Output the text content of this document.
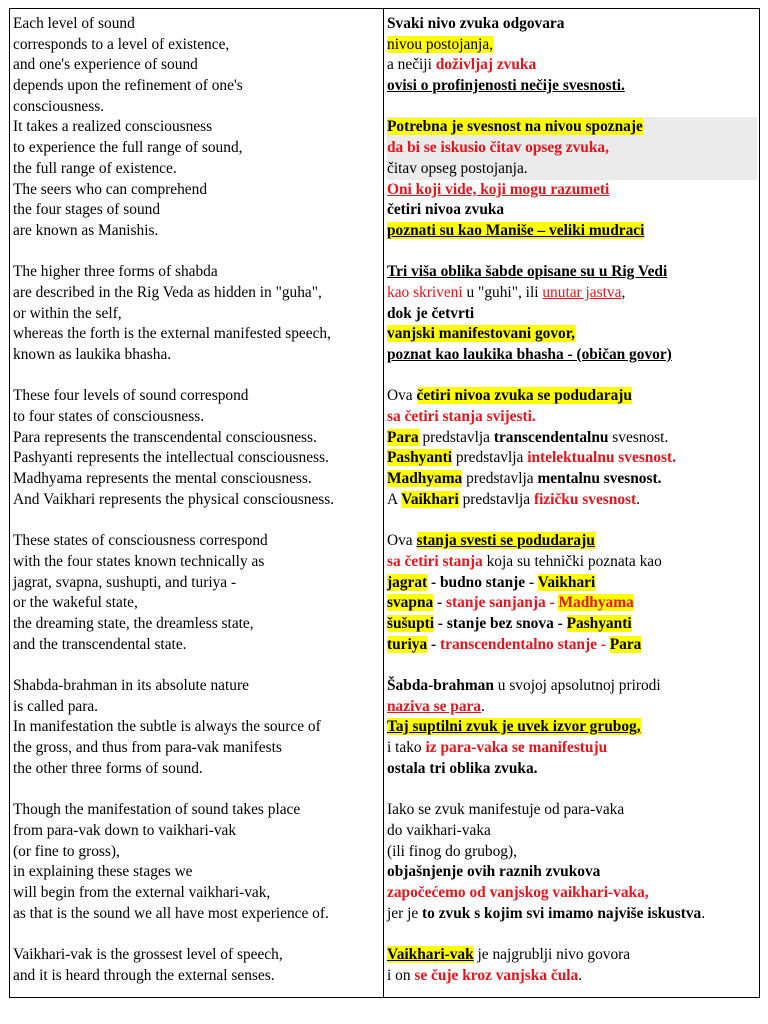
Each level of sound
corresponds to a level of existence,
and one's experience of sound
depends upon the refinement of one's
consciousness.
It takes a realized consciousness
to experience the full range of sound,
the full range of existence.
The seers who can comprehend
the four stages of sound
are known as Manishis.

The higher three forms of shabda
are described in the Rig Veda as hidden in "guha",
or within the self,
whereas the forth is the external manifested speech,
known as laukika bhasha.

These four levels of sound correspond
to four states of consciousness.
Para represents the transcendental consciousness.
Pashyanti represents the intellectual consciousness.
Madhyama represents the mental consciousness.
And Vaikhari represents the physical consciousness.

These states of consciousness correspond
with the four states known technically as
jagrat, svapna, sushupti, and turiya -
or the wakeful state,
the dreaming state, the dreamless state,
and the transcendental state.

Shabda-brahman in its absolute nature
is called para.
In manifestation the subtle is always the source of
the gross, and thus from para-vak manifests
the other three forms of sound.

Though the manifestation of sound takes place
from para-vak down to vaikhari-vak
(or fine to gross),
in explaining these stages we
will begin from the external vaikhari-vak,
as that is the sound we all have most experience of.

Vaikhari-vak is the grossest level of speech,
and it is heard through the external senses.
Svaki nivo zvuka odgovara
nivou postojanja,
a nečiji doživljaj zvuka
ovisi o profinjenosti nečije svesnosti.

Potrebna je svesnost na nivou spoznaje
da bi se iskusio čitav opseg zvuka,
čitav opseg postojanja.
Oni koji vide, koji mogu razumeti
četiri nivoa zvuka
poznati su kao Maniše – veliki mudraci

Tri viša oblika šabde opisane su u Rig Vedi
kao skriveni u "guhi", ili unutar jastva,
dok je četvrti
vanjski manifestovani govor,
poznat kao laukika bhasha - (običan govor)

Ova četiri nivoa zvuka se podudaraju
sa četiri stanja svijesti.
Para predstavlja transcendentalnu svesnost.
Pashyanti predstavlja intelektualnu svesnost.
Madhyama predstavlja mentalnu svesnost.
A Vaikhari predstavlja fizičku svesnost.

Ova stanja svesti se podudaraju
sa četiri stanja koja su tehnički poznata kao
jagrat - budno stanje - Vaikhari
svapna - stanje sanjanja - Madhyama
šušupti - stanje bez snova - Pashyanti
turiya - transcendentalno stanje - Para

Šabda-brahman u svojoj apsolutnoj prirodi
naziva se para.
Taj suptilni zvuk je uvek izvor grubog,
i tako iz para-vaka se manifestuju
ostala tri oblika zvuka.

Iako se zvuk manifestuje od para-vaka
do vaikhari-vaka
(ili finog do grubog),
objašnjenje ovih raznih zvukova
započećemo od vanjskog vaikhari-vaka,
jer je to zvuk s kojim svi imamo najviše iskustva.

Vaikhari-vak je najgrublji nivo govora
i on se čuje kroz vanjska čula.
